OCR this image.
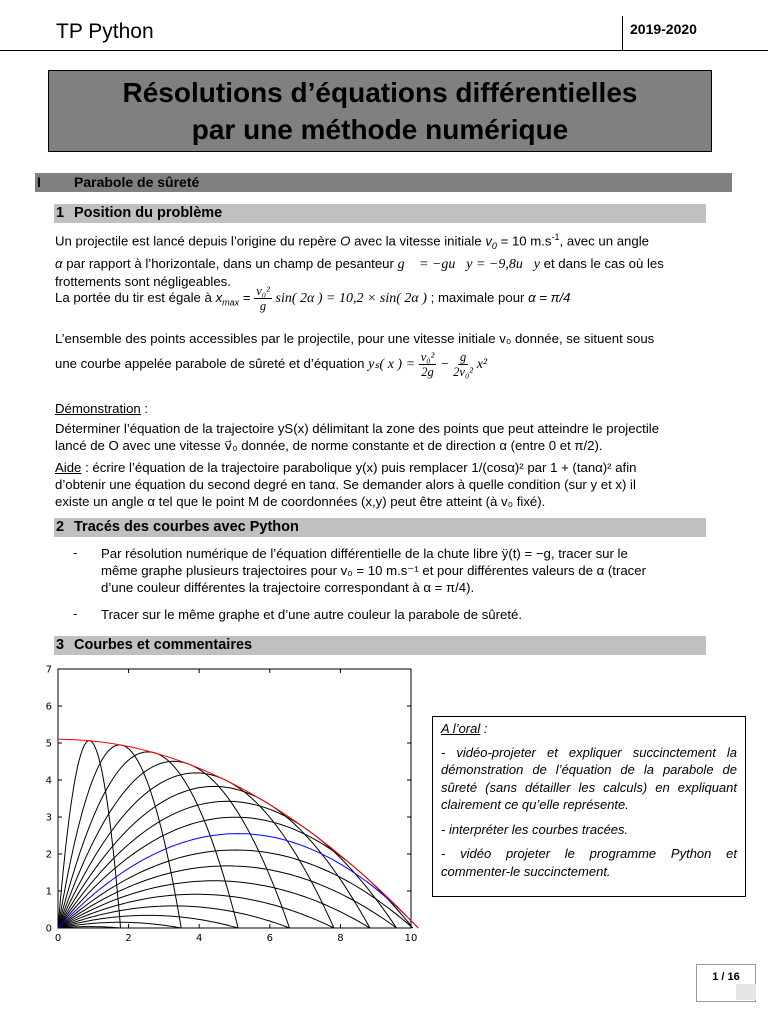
TP Python	2019-2020
Résolutions d’équations différentielles
par une méthode numérique
I Parabole de sûreté
1 Position du problème
Un projectile est lancé depuis l’origine du repère O avec la vitesse initiale $v_0 = 10$ $m.s^{-1}$, avec un angle
α par rapport à l’horizontale, dans un champ de pesanteur g⃗ = −gu⃗y = −9,8u⃗y et dans le cas où les
frottements sont négligeables.
La portée du tir est égale à $x_{max} = \frac{\text{v₀²}}{g} \sin$( 2α ) = 10,2 × sin( 2α ) ; maximale pour α = π/4
L’ensemble des points accessibles par le projectile, pour une vitesse initiale v₀ donnée, se situent sous
une courbe appelée parabole de sûreté et d’équation yₛ( x ) = $\frac{\text{v₀²}}{2g} - \frac{g}{\text{2v₀²}} x^2$
Démonstration :
Déterminer l’équation de la trajectoire yS(x) délimitant la zone des points que peut atteindre le projectile
lancé de O avec une vitesse v⃗₀ donnée, de norme constante et de direction α (entre 0 et π/2).
Aide : écrire l’équation de la trajectoire parabolique y(x) puis remplacer 1/(cosα)² par 1 + (tanα)² afin
d’obtenir une équation du second degré en tanα. Se demander alors à quelle condition (sur y et x) il
existe un angle α tel que le point M de coordonnées (x,y) peut être atteint (à v₀ fixé).
2 Tracés des courbes avec Python
- Par résolution numérique de l’équation différentielle de la chute libre ÿ(t) = −g, tracer sur le
même graphe plusieurs trajectoires pour v₀ = 10 m.s⁻¹ et pour différentes valeurs de α (tracer
d’une couleur différentes la trajectoire correspondant à α = π/4).
- Tracer sur le même graphe et d’une autre couleur la parabole de sûreté.
3 Courbes et commentaires
0	2	4	6	8	10
0
1
2
3
4
5
6
7

A l’oral :

- vidéo-projeter et expliquer succinctement la démonstration de l’équation de la parabole de sûreté (sans détailler les calculs) en expliquant clairement ce qu’elle représente.

- interpréter les courbes tracées.

- vidéo projeter le programme Python et commenter-le succinctement.

1 / 16
